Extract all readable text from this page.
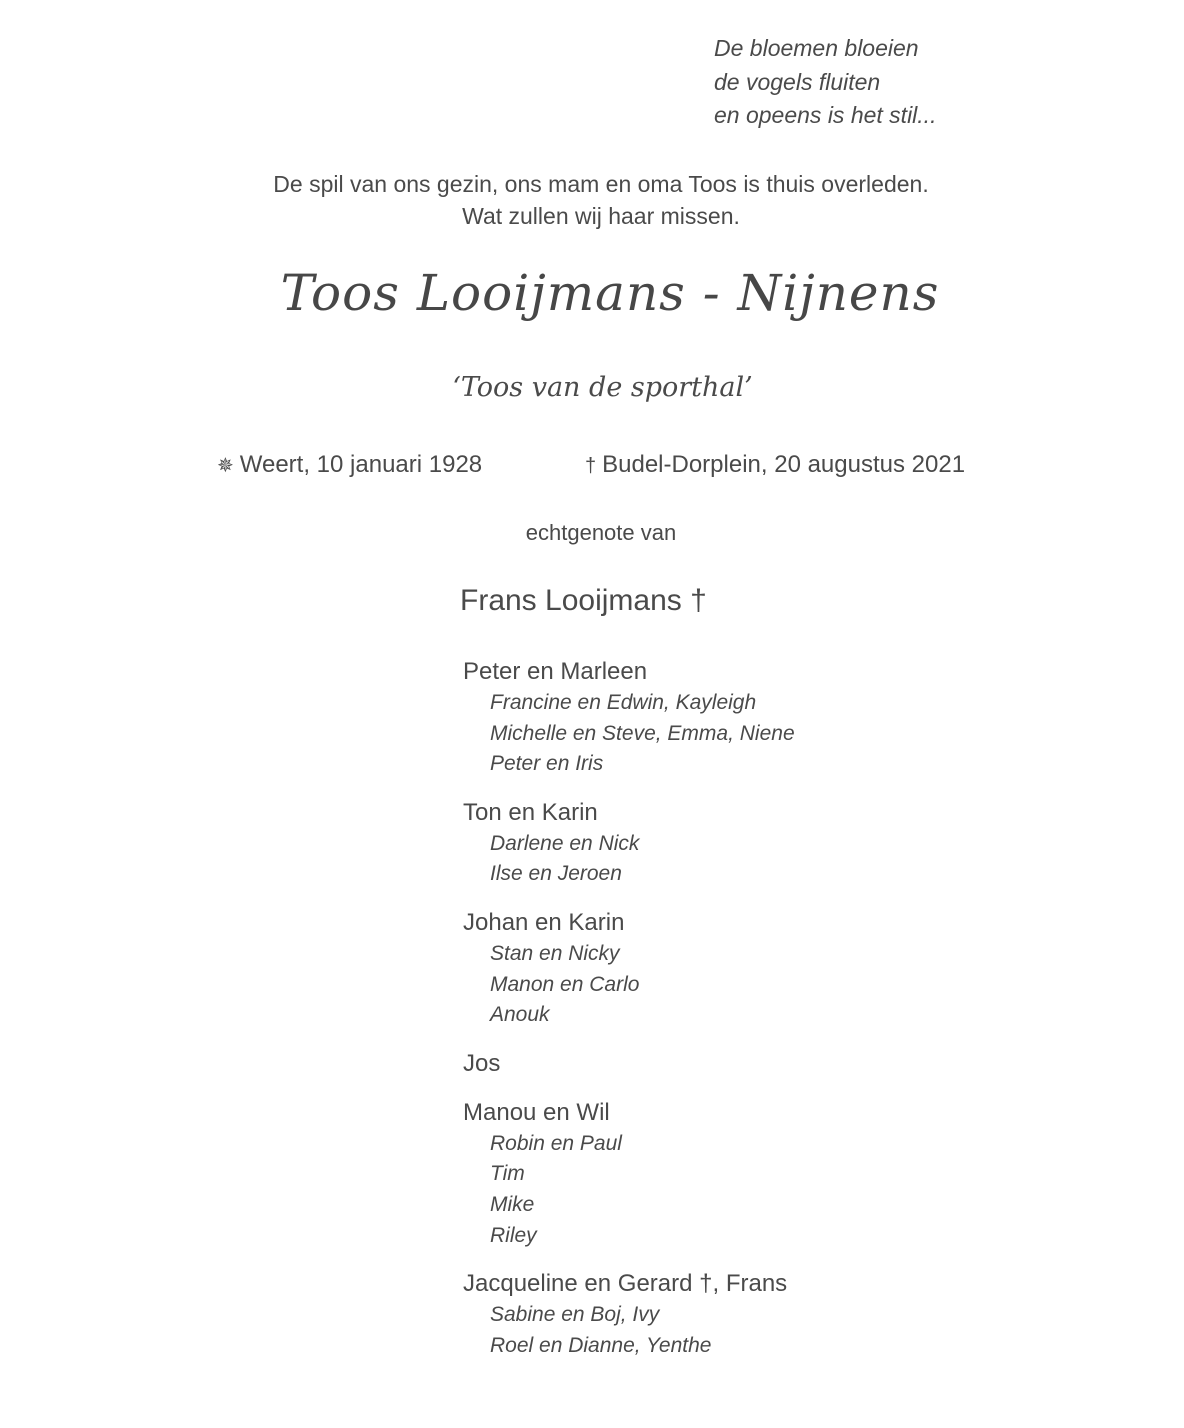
De bloemen bloeien
de vogels fluiten
en opeens is het stil...
De spil van ons gezin, ons mam en oma Toos is thuis overleden.
Wat zullen wij haar missen.
Toos Looijmans - Nijnens
‘Toos van de sporthal’
✵ Weert, 10 januari 1928	† Budel-Dorplein, 20 augustus 2021
echtgenote van
Frans Looijmans †
Peter en Marleen
Francine en Edwin, Kayleigh
Michelle en Steve, Emma, Niene
Peter en Iris
Ton en Karin
Darlene en Nick
Ilse en Jeroen
Johan en Karin
Stan en Nicky
Manon en Carlo
Anouk
Jos
Manou en Wil
Robin en Paul
Tim
Mike
Riley
Jacqueline en Gerard †, Frans
Sabine en Boj, Ivy
Roel en Dianne, Yenthe
